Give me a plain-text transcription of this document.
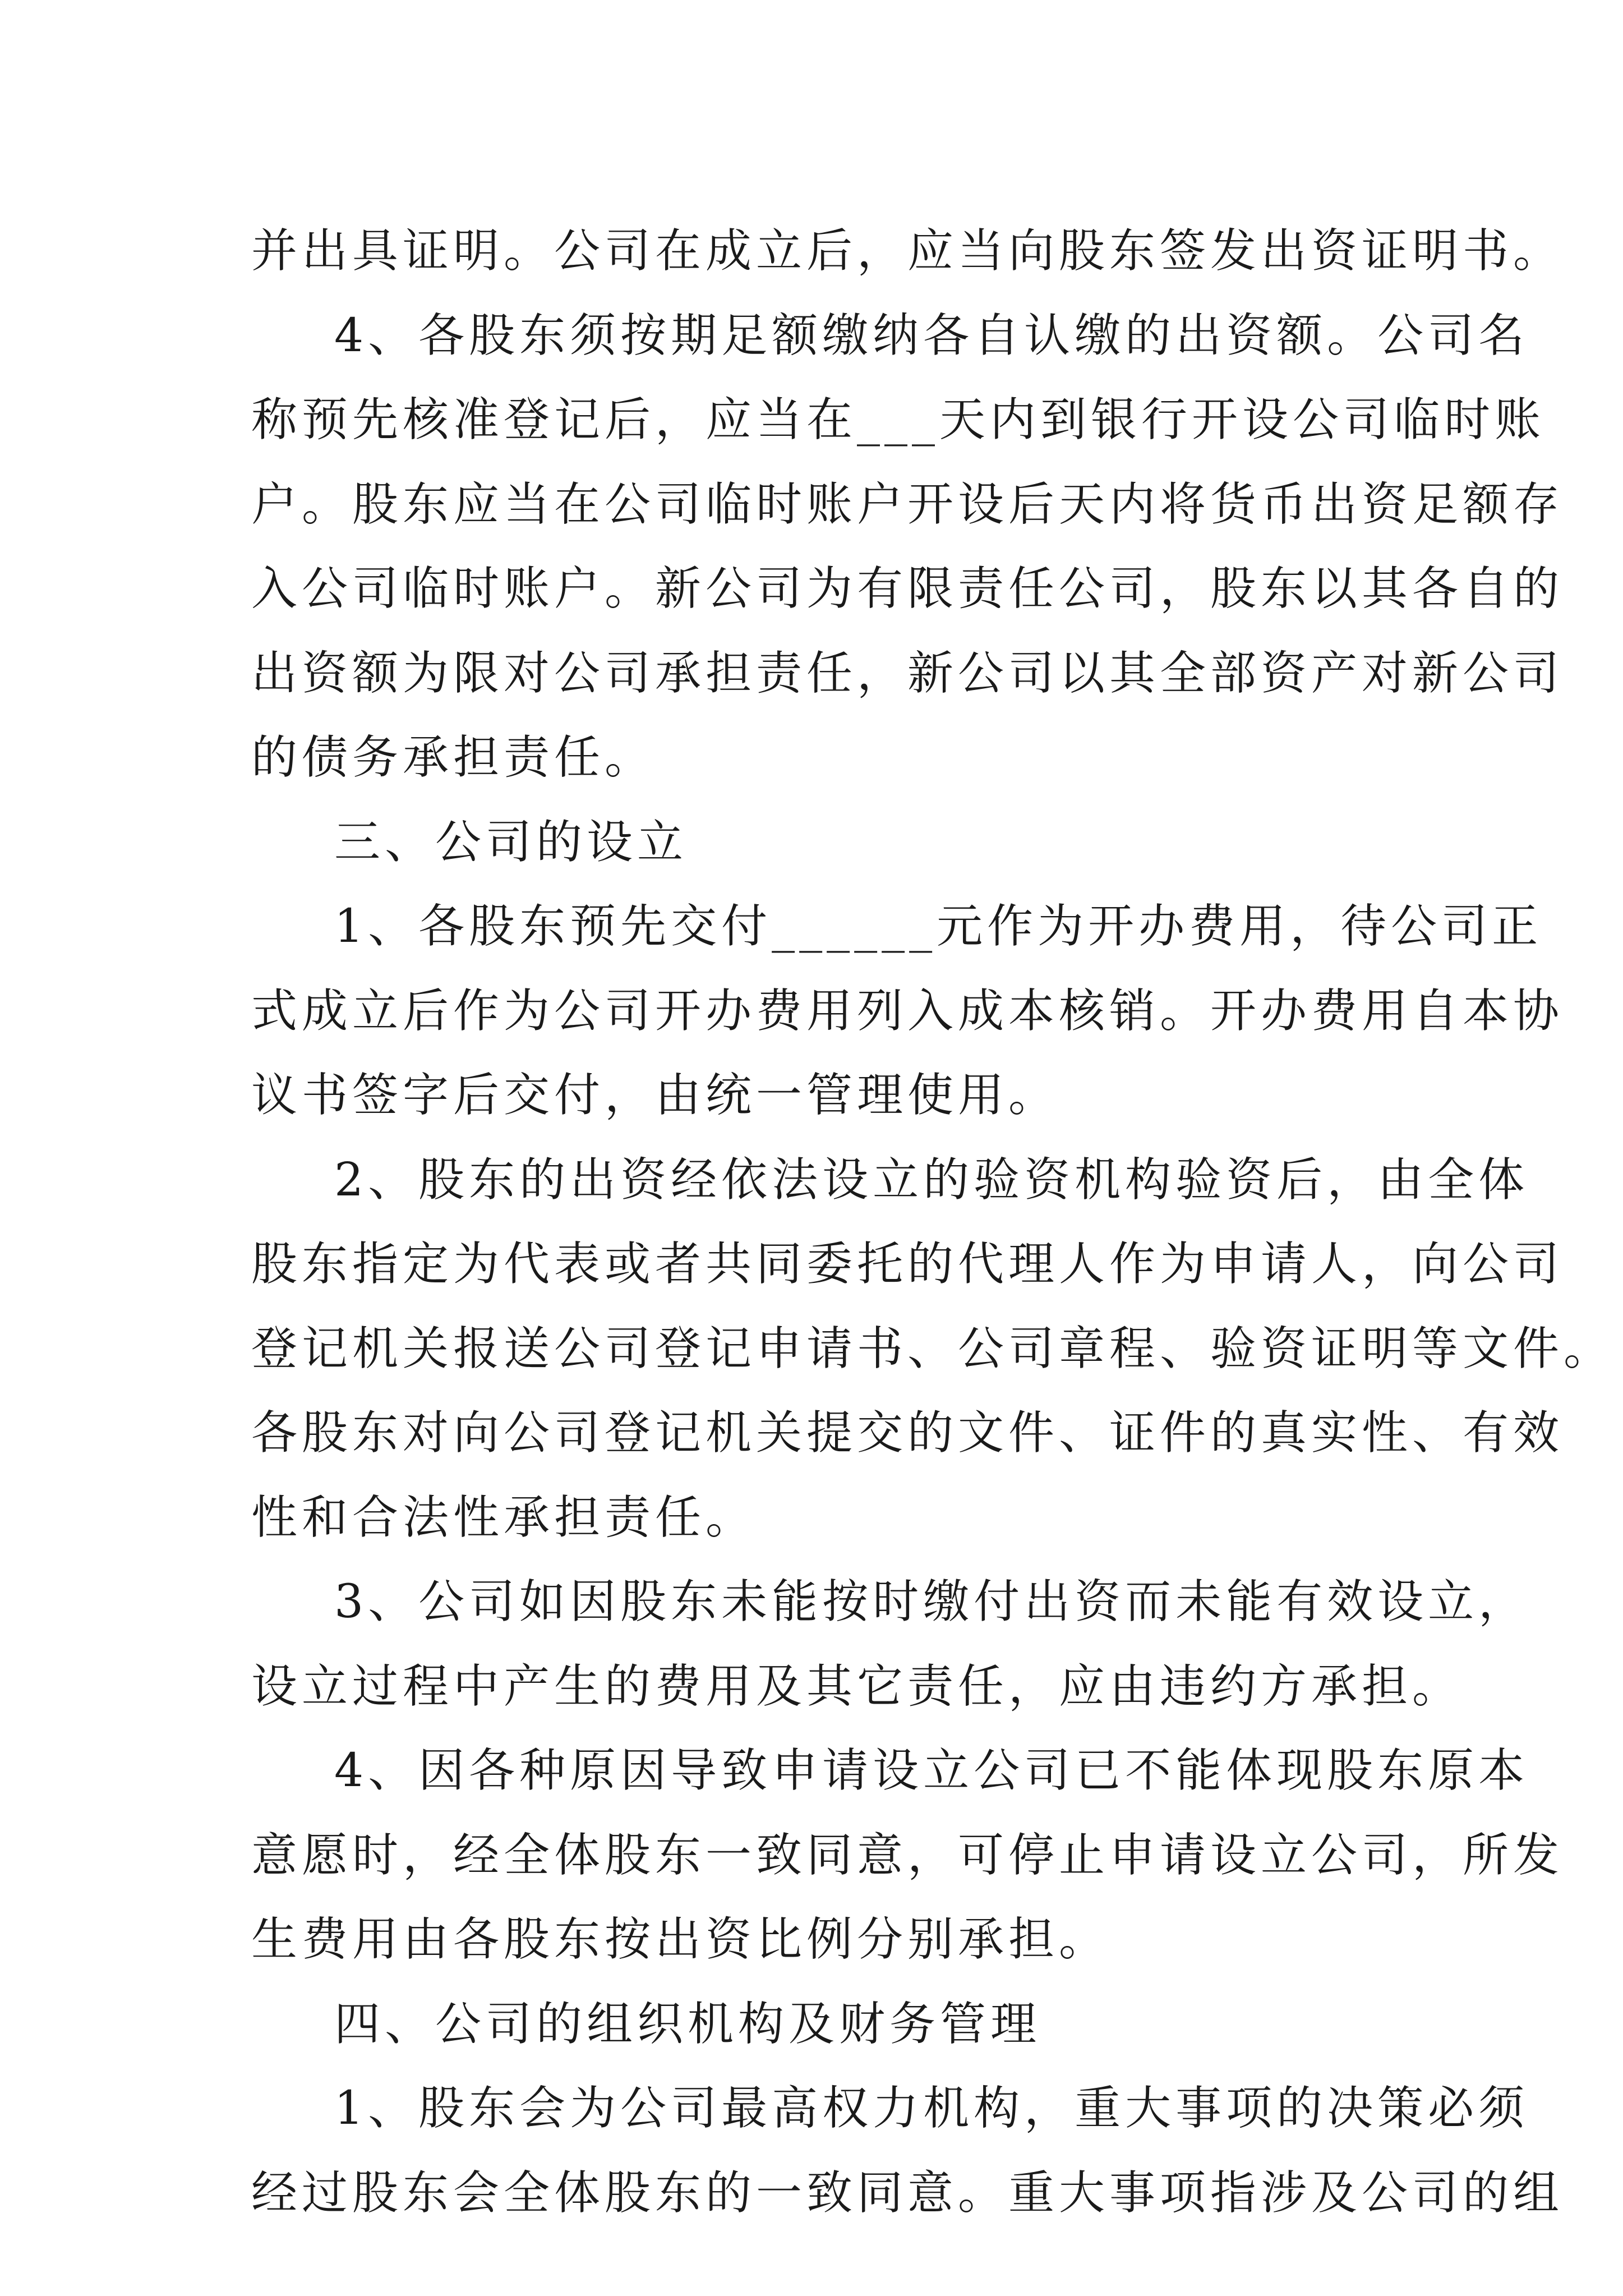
并出具证明。公司在成立后，应当向股东签发出资证明书。
4、各股东须按期足额缴纳各自认缴的出资额。公司名
称预先核准登记后，应当在___天内到银行开设公司临时账
户。股东应当在公司临时账户开设后天内将货币出资足额存
入公司临时账户。新公司为有限责任公司，股东以其各自的
出资额为限对公司承担责任，新公司以其全部资产对新公司
的债务承担责任。
三、公司的设立
1、各股东预先交付______元作为开办费用，待公司正
式成立后作为公司开办费用列入成本核销。开办费用自本协
议书签字后交付，由统一管理使用。
2、股东的出资经依法设立的验资机构验资后，由全体
股东指定为代表或者共同委托的代理人作为申请人，向公司
登记机关报送公司登记申请书、公司章程、验资证明等文件。
各股东对向公司登记机关提交的文件、证件的真实性、有效
性和合法性承担责任。
3、公司如因股东未能按时缴付出资而未能有效设立，
设立过程中产生的费用及其它责任，应由违约方承担。
4、因各种原因导致申请设立公司已不能体现股东原本
意愿时，经全体股东一致同意，可停止申请设立公司，所发
生费用由各股东按出资比例分别承担。
四、公司的组织机构及财务管理
1、股东会为公司最高权力机构，重大事项的决策必须
经过股东会全体股东的一致同意。重大事项指涉及公司的组
